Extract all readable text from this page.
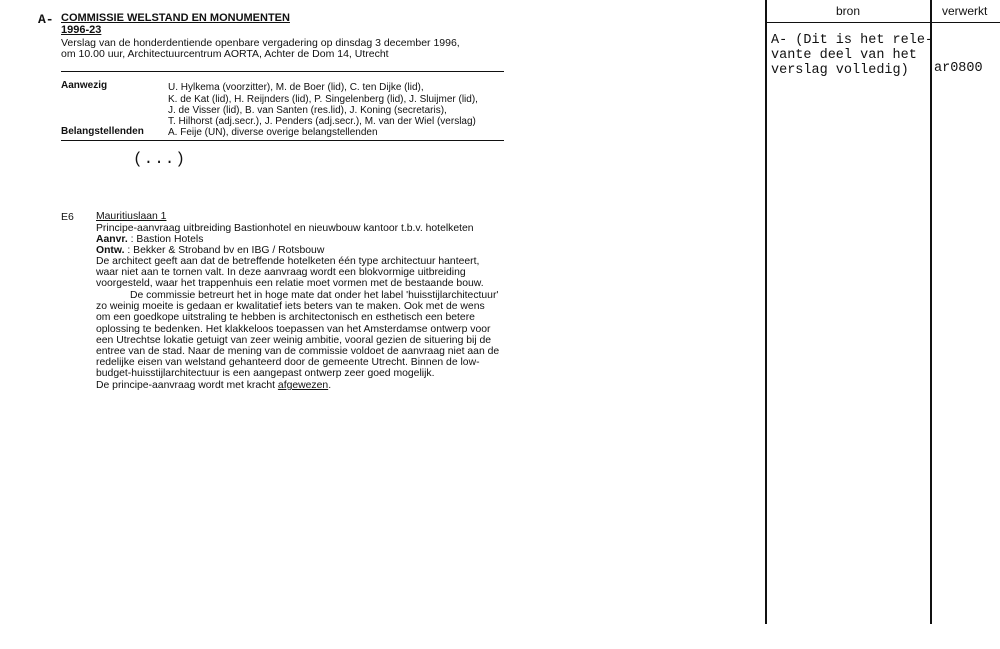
A- COMMISSIE WELSTAND EN MONUMENTEN
1996-23
Verslag van de honderdentiende openbare vergadering op dinsdag 3 december 1996,
om 10.00 uur, Architectuurcentrum AORTA, Achter de Dom 14, Utrecht
Aanwezig	U. Hylkema (voorzitter), M. de Boer (lid), C. ten Dijke (lid),
K. de Kat (lid), H. Reijnders (lid), P. Singelenberg (lid), J. Sluijmer (lid),
J. de Visser (lid), B. van Santen (res.lid), J. Koning (secretaris),
T. Hilhorst (adj.secr.), J. Penders (adj.secr.), M. van der Wiel (verslag)
Belangstellenden A. Feije (UN), diverse overige belangstellenden
(...)
E6 Mauritiuslaan 1
Principe-aanvraag uitbreiding Bastionhotel en nieuwbouw kantoor t.b.v. hotelketen
Aanvr. : Bastion Hotels
Ontw. : Bekker & Stroband bv en IBG / Rotsbouw
De architect geeft aan dat de betreffende hotelketen één type architectuur hanteert,
waar niet aan te tornen valt. In deze aanvraag wordt een blokvormige uitbreiding
voorgesteld, waar het trappenhuis een relatie moet vormen met de bestaande bouw.
De commissie betreurt het in hoge mate dat onder het label 'huisstijlarchitectuur'
zo weinig moeite is gedaan er kwalitatief iets beters van te maken. Ook met de wens
om een goedkope uitstraling te hebben is architectonisch en esthetisch een betere
oplossing te bedenken. Het klakkeloos toepassen van het Amsterdamse ontwerp voor
een Utrechtse lokatie getuigt van zeer weinig ambitie, vooral gezien de situering bij de
entree van de stad. Naar de mening van de commissie voldoet de aanvraag niet aan de
redelijke eisen van welstand gehanteerd door de gemeente Utrecht. Binnen de low-
budget-huisstijlarchitectuur is een aangepast ontwerp zeer goed mogelijk.
De principe-aanvraag wordt met kracht afgewezen.
bron	verwerkt
A- (Dit is het rele-
vante deel van het
verslag volledig) ar0800
